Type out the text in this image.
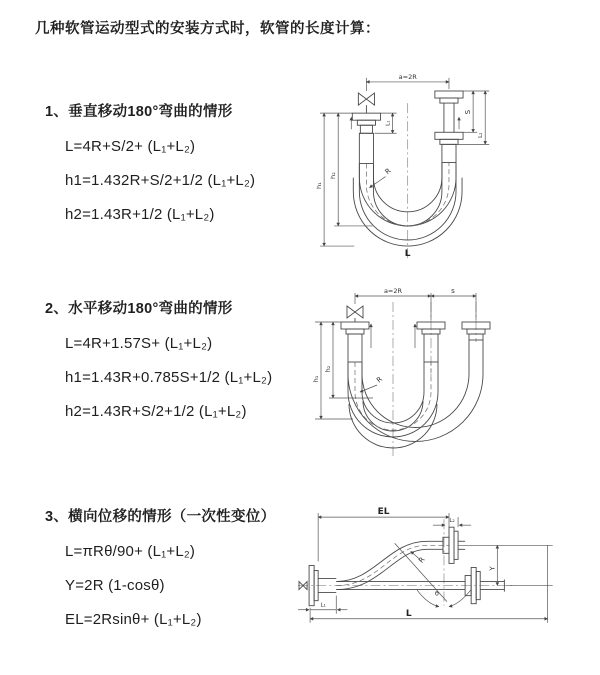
几种软管运动型式的安装方式时，软管的长度计算：
1、垂直移动180°弯曲的情形
L=4R+S/2+ (L₁+L₂)
h1=1.432R+S/2+1/2 (L₁+L₂)
h2=1.43R+1/2 (L₁+L₂)
2、水平移动180°弯曲的情形
L=4R+1.57S+ (L₁+L₂)
h1=1.43R+0.785S+1/2 (L₁+L₂)
h2=1.43R+S/2+1/2 (L₁+L₂)
3、横向位移的情形（一次性变位）
L=πRθ/90+ (L₁+L₂)
Y=2R (1-cosθ)
EL=2Rsinθ+ (L₁+L₂)
a=2R
h₁
h₂
L₁
S
L₂
R
L
a=2R	s
h₁
h₂
R
EL
L₂
Y
R
θ
L₁
L
